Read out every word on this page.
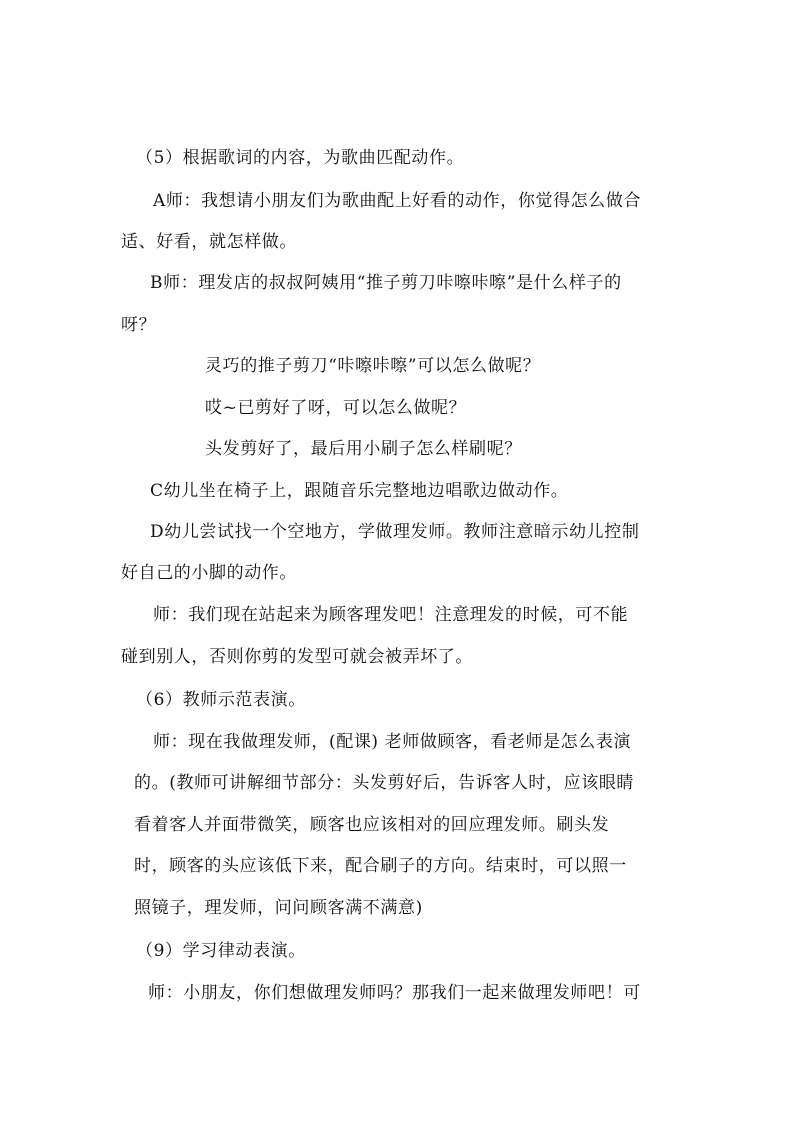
（5）根据歌词的内容，为歌曲匹配动作。
A师：我想请小朋友们为歌曲配上好看的动作，你觉得怎么做合
适、好看，就怎样做。
B师：理发店的叔叔阿姨用“推子剪刀咔嚓咔嚓”是什么样子的
呀？
灵巧的推子剪刀“咔嚓咔嚓”可以怎么做呢？
哎~已剪好了呀，可以怎么做呢？
头发剪好了，最后用小刷子怎么样刷呢？
C幼儿坐在椅子上，跟随音乐完整地边唱歌边做动作。
D幼儿尝试找一个空地方，学做理发师。教师注意暗示幼儿控制
好自己的小脚的动作。
师：我们现在站起来为顾客理发吧！注意理发的时候，可不能
碰到别人，否则你剪的发型可就会被弄坏了。
（6）教师示范表演。
师：现在我做理发师，(配课) 老师做顾客，看老师是怎么表演
的。(教师可讲解细节部分：头发剪好后，告诉客人时，应该眼睛
看着客人并面带微笑，顾客也应该相对的回应理发师。刷头发
时，顾客的头应该低下来，配合刷子的方向。结束时，可以照一
照镜子，理发师，问问顾客满不满意)
（9）学习律动表演。
师：小朋友，你们想做理发师吗？那我们一起来做理发师吧！可
